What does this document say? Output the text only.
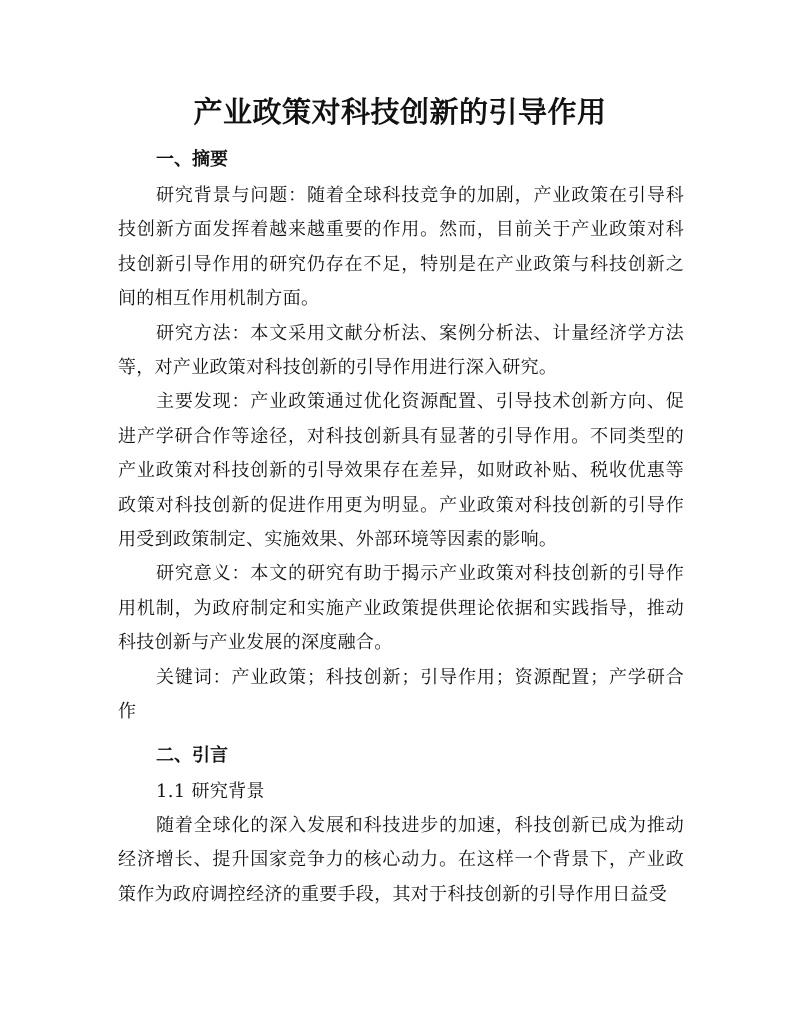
产业政策对科技创新的引导作用
一、摘要

研究背景与问题：随着全球科技竞争的加剧，产业政策在引导科技创新方面发挥着越来越重要的作用。然而，目前关于产业政策对科技创新引导作用的研究仍存在不足，特别是在产业政策与科技创新之间的相互作用机制方面。

研究方法：本文采用文献分析法、案例分析法、计量经济学方法等，对产业政策对科技创新的引导作用进行深入研究。

主要发现：产业政策通过优化资源配置、引导技术创新方向、促进产学研合作等途径，对科技创新具有显著的引导作用。不同类型的产业政策对科技创新的引导效果存在差异，如财政补贴、税收优惠等政策对科技创新的促进作用更为明显。产业政策对科技创新的引导作用受到政策制定、实施效果、外部环境等因素的影响。

研究意义：本文的研究有助于揭示产业政策对科技创新的引导作用机制，为政府制定和实施产业政策提供理论依据和实践指导，推动科技创新与产业发展的深度融合。

关键词：产业政策；科技创新；引导作用；资源配置；产学研合作

二、引言
1.1 研究背景

随着全球化的深入发展和科技进步的加速，科技创新已成为推动经济增长、提升国家竞争力的核心动力。在这样一个背景下，产业政策作为政府调控经济的重要手段，其对于科技创新的引导作用日益受
